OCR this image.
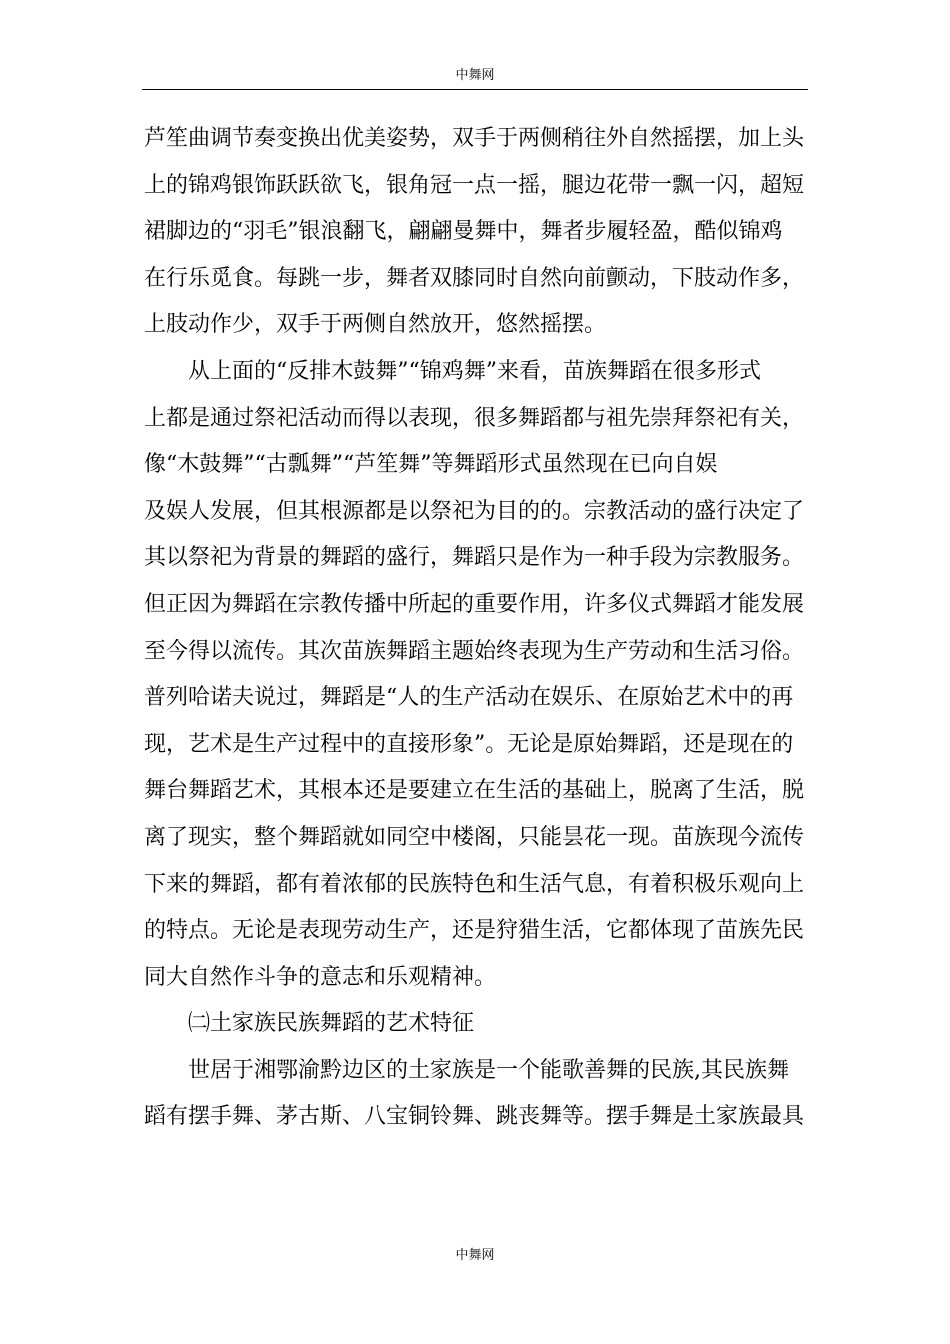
中舞网
芦笙曲调节奏变换出优美姿势，双手于两侧稍往外自然摇摆，加上头
上的锦鸡银饰跃跃欲飞，银角冠一点一摇，腿边花带一飘一闪，超短
裙脚边的“羽毛”银浪翻飞，翩翩曼舞中，舞者步履轻盈，酷似锦鸡
在行乐觅食。每跳一步，舞者双膝同时自然向前颤动，下肢动作多，
上肢动作少，双手于两侧自然放开，悠然摇摆。
从上面的“反排木鼓舞”“锦鸡舞”来看，苗族舞蹈在很多形式
上都是通过祭祀活动而得以表现，很多舞蹈都与祖先崇拜祭祀有关，
像“木鼓舞”“古瓢舞”“芦笙舞”等舞蹈形式虽然现在已向自娱
及娱人发展，但其根源都是以祭祀为目的的。宗教活动的盛行决定了
其以祭祀为背景的舞蹈的盛行，舞蹈只是作为一种手段为宗教服务。
但正因为舞蹈在宗教传播中所起的重要作用，许多仪式舞蹈才能发展
至今得以流传。其次苗族舞蹈主题始终表现为生产劳动和生活习俗。
普列哈诺夫说过，舞蹈是“人的生产活动在娱乐、在原始艺术中的再
现，艺术是生产过程中的直接形象”。无论是原始舞蹈，还是现在的
舞台舞蹈艺术，其根本还是要建立在生活的基础上，脱离了生活，脱
离了现实，整个舞蹈就如同空中楼阁，只能昙花一现。苗族现今流传
下来的舞蹈，都有着浓郁的民族特色和生活气息，有着积极乐观向上
的特点。无论是表现劳动生产，还是狩猎生活，它都体现了苗族先民
同大自然作斗争的意志和乐观精神。
㈡土家族民族舞蹈的艺术特征
世居于湘鄂渝黔边区的土家族是一个能歌善舞的民族,其民族舞
蹈有摆手舞、茅古斯、八宝铜铃舞、跳丧舞等。摆手舞是土家族最具
中舞网
